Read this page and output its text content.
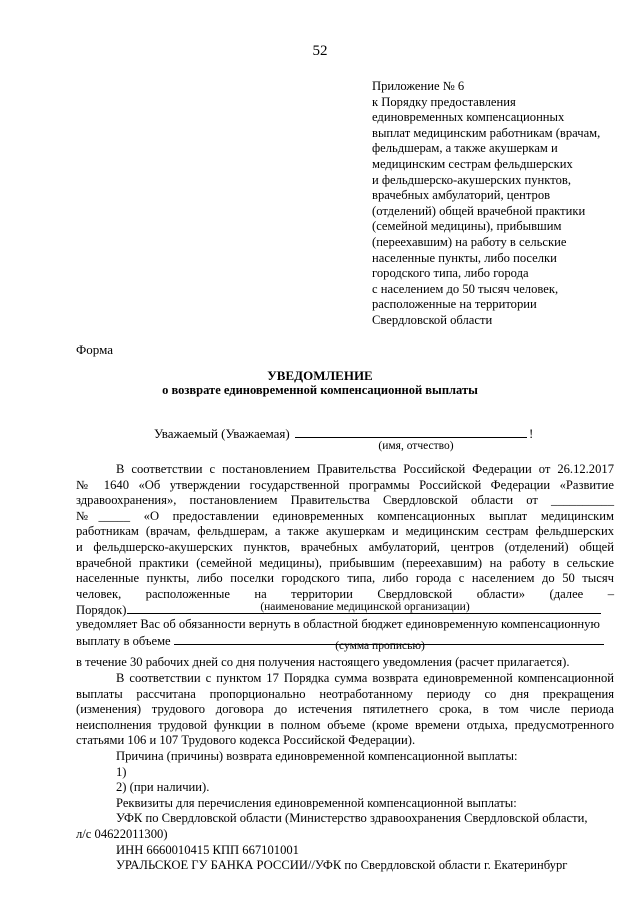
52
Приложение № 6
к Порядку предоставления
единовременных компенсационных
выплат медицинским работникам (врачам,
фельдшерам, а также акушеркам и
медицинским сестрам фельдшерских
и фельдшерско-акушерских пунктов,
врачебных амбулаторий, центров
(отделений) общей врачебной практики
(семейной медицины), прибывшим
(переехавшим) на работу в сельские
населенные пункты, либо поселки
городского типа, либо города
с населением до 50 тысяч человек,
расположенные на территории
Свердловской области
Форма
УВЕДОМЛЕНИЕ
о возврате единовременной компенсационной выплаты
Уважаемый (Уважаемая)	!
(имя, отчество)
В соответствии с постановлением Правительства Российской Федерации от 26.12.2017
№ 1640 «Об утверждении государственной программы Российской Федерации «Развитие
здравоохранения», постановлением Правительства Свердловской области от __________
№_____ «О предоставлении единовременных компенсационных выплат медицинским
работникам (врачам, фельдшерам, а также акушеркам и медицинским сестрам фельдшерских
и фельдшерско-акушерских пунктов, врачебных амбулаторий, центров (отделений) общей
врачебной практики (семейной медицины), прибывшим (переехавшим) на работу в сельские
населенные пункты, либо поселки городского типа, либо города с населением до 50 тысяч
человек, расположенные на территории Свердловской области» (далее –
Порядок)	(наименование медицинской организации)
уведомляет Вас об обязанности вернуть в областной бюджет единовременную компенсационную
выплату в объеме	(сумма прописью)
в течение 30 рабочих дней со дня получения настоящего уведомления (расчет прилагается).
В соответствии с пунктом 17 Порядка сумма возврата единовременной компенсационной
выплаты рассчитана пропорционально неотработанному периоду со дня прекращения
(изменения) трудового договора до истечения пятилетнего срока, в том числе периода
неисполнения трудовой функции в полном объеме (кроме времени отдыха, предусмотренного
статьями 106 и 107 Трудового кодекса Российской Федерации).
Причина (причины) возврата единовременной компенсационной выплаты:
1)
2) (при наличии).
Реквизиты для перечисления единовременной компенсационной выплаты:
УФК по Свердловской области (Министерство здравоохранения Свердловской области,
л/с 04622011300)
ИНН 6660010415 КПП 667101001
УРАЛЬСКОЕ ГУ БАНКА РОССИИ//УФК по Свердловской области г. Екатеринбург
